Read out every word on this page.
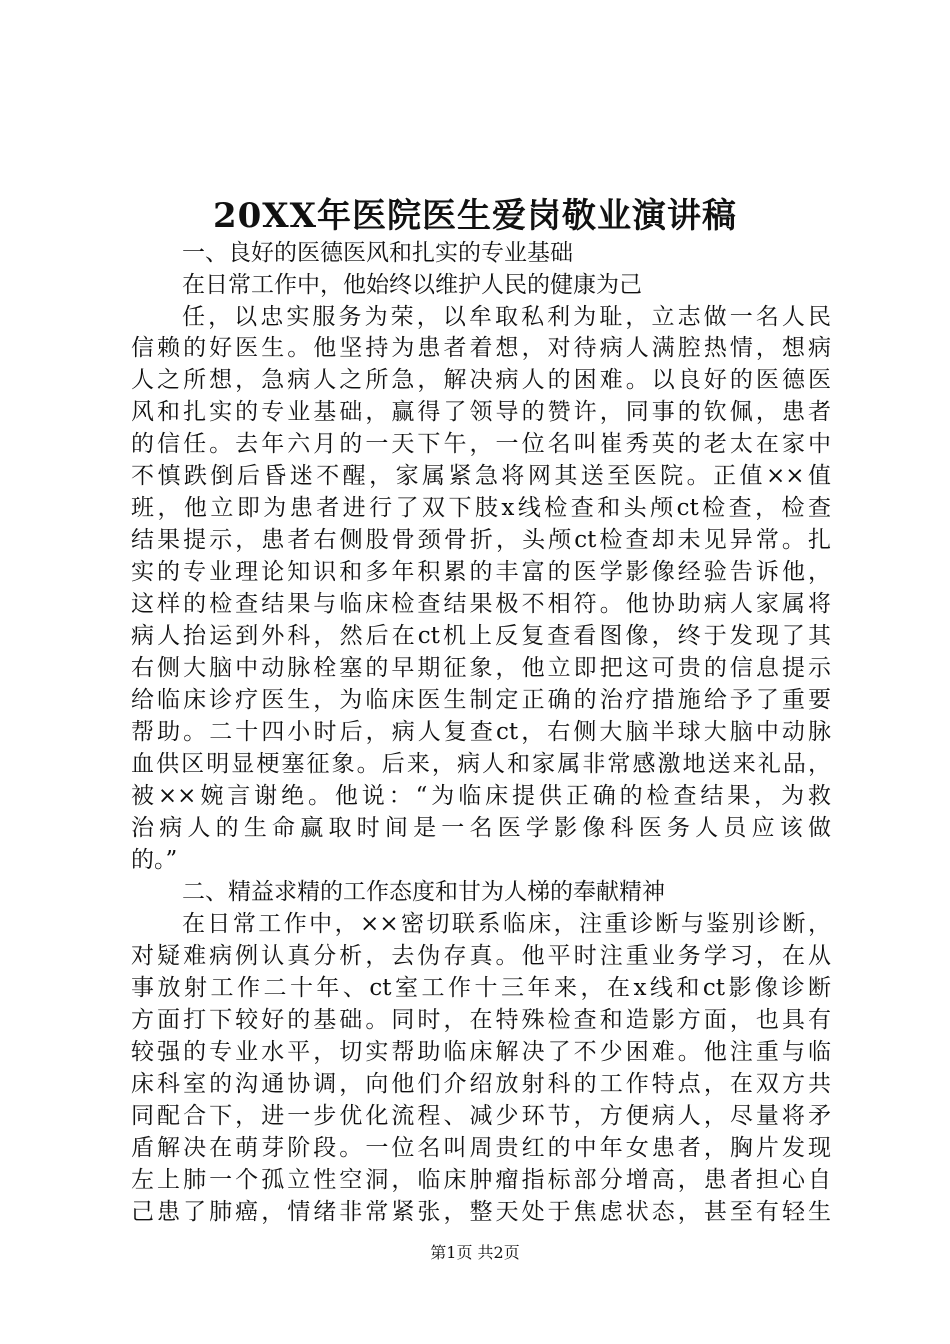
20XX年医院医生爱岗敬业演讲稿

一、良好的医德医风和扎实的专业基础

在日常工作中，他始终以维护人民的健康为己

任，以忠实服务为荣，以牟取私利为耻，立志做一名人民

信赖的好医生。他坚持为患者着想，对待病人满腔热情，想病

人之所想，急病人之所急，解决病人的困难。以良好的医德医

风和扎实的专业基础，赢得了领导的赞许，同事的钦佩，患者

的信任。去年六月的一天下午，一位名叫崔秀英的老太在家中

不慎跌倒后昏迷不醒，家属紧急将网其送至医院。正值××值

班，他立即为患者进行了双下肢x线检查和头颅ct检查，检查

结果提示，患者右侧股骨颈骨折，头颅ct检查却未见异常。扎

实的专业理论知识和多年积累的丰富的医学影像经验告诉他，

这样的检查结果与临床检查结果极不相符。他协助病人家属将

病人抬运到外科，然后在ct机上反复查看图像，终于发现了其

右侧大脑中动脉栓塞的早期征象，他立即把这可贵的信息提示

给临床诊疗医生，为临床医生制定正确的治疗措施给予了重要

帮助。二十四小时后，病人复查ct，右侧大脑半球大脑中动脉

血供区明显梗塞征象。后来，病人和家属非常感激地送来礼品，

被××婉言谢绝。他说：“为临床提供正确的检查结果，为救

治病人的生命赢取时间是一名医学影像科医务人员应该做

的。”

二、精益求精的工作态度和甘为人梯的奉献精神

在日常工作中，××密切联系临床，注重诊断与鉴别诊断，

对疑难病例认真分析，去伪存真。他平时注重业务学习，在从

事放射工作二十年、ct室工作十三年来，在x线和ct影像诊断

方面打下较好的基础。同时，在特殊检查和造影方面，也具有

较强的专业水平，切实帮助临床解决了不少困难。他注重与临

床科室的沟通协调，向他们介绍放射科的工作特点，在双方共

同配合下，进一步优化流程、减少环节，方便病人，尽量将矛

盾解决在萌芽阶段。一位名叫周贵红的中年女患者，胸片发现

左上肺一个孤立性空洞，临床肿瘤指标部分增高，患者担心自

己患了肺癌，情绪非常紧张，整天处于焦虑状态，甚至有轻生

第1页 共2页
